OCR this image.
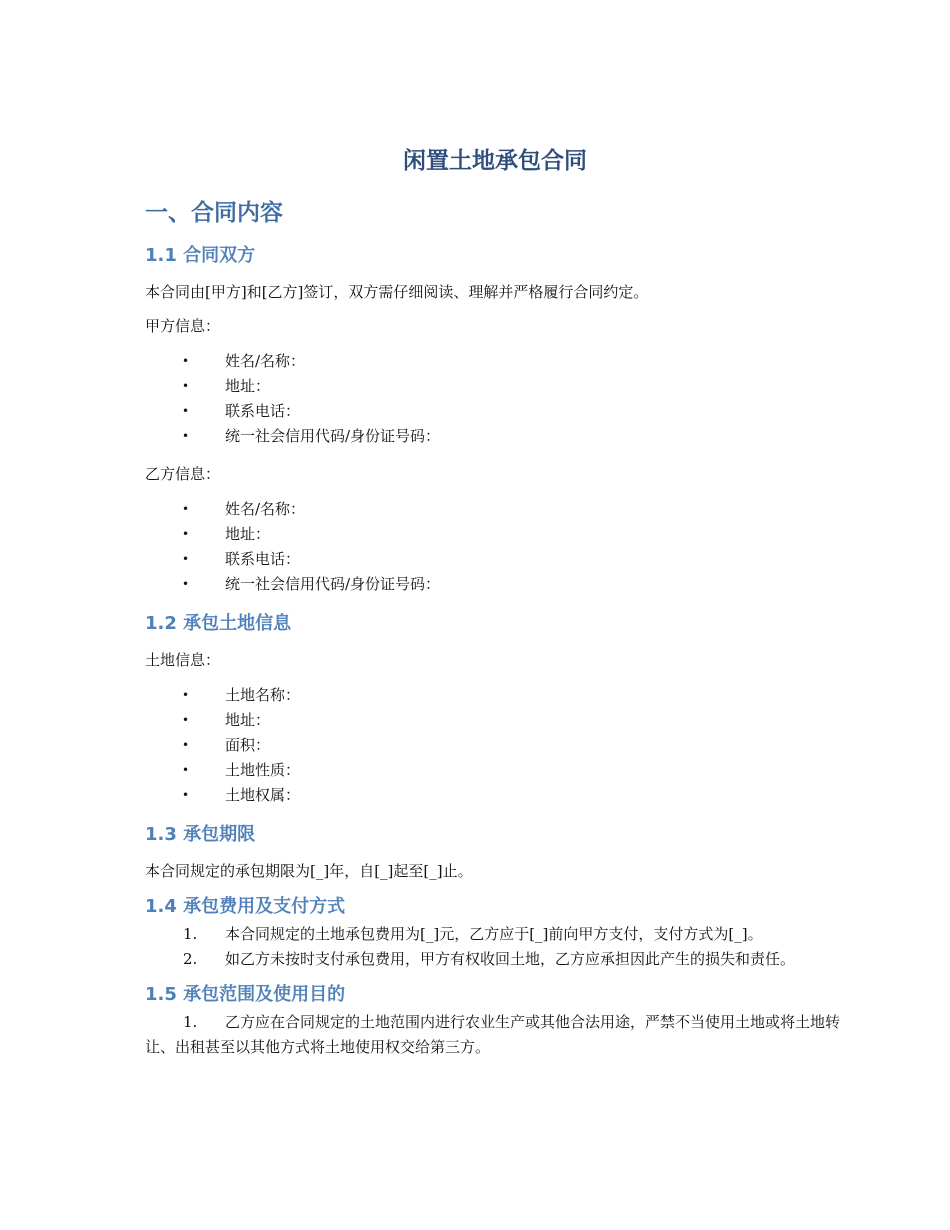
闲置土地承包合同
一、合同内容
1.1 合同双方

本合同由[甲方]和[乙方]签订，双方需仔细阅读、理解并严格履行合同约定。

甲方信息：

• 姓名/名称：
• 地址：
• 联系电话：
• 统一社会信用代码/身份证号码：

乙方信息：

• 姓名/名称：
• 地址：
• 联系电话：
• 统一社会信用代码/身份证号码：
1.2 承包土地信息

土地信息：

• 土地名称：
• 地址：
• 面积：
• 土地性质：
• 土地权属：
1.3 承包期限

本合同规定的承包期限为[_]年，自[_]起至[_]止。

1.4 承包费用及支付方式
1. 本合同规定的土地承包费用为[_]元，乙方应于[_]前向甲方支付，支付方式为[_]。
2. 如乙方未按时支付承包费用，甲方有权收回土地，乙方应承担因此产生的损失和责任。
1.5 承包范围及使用目的
1. 乙方应在合同规定的土地范围内进行农业生产或其他合法用途，严禁不当使用土地或将土地转让、出租甚至以其他方式将土地使用权交给第三方。
